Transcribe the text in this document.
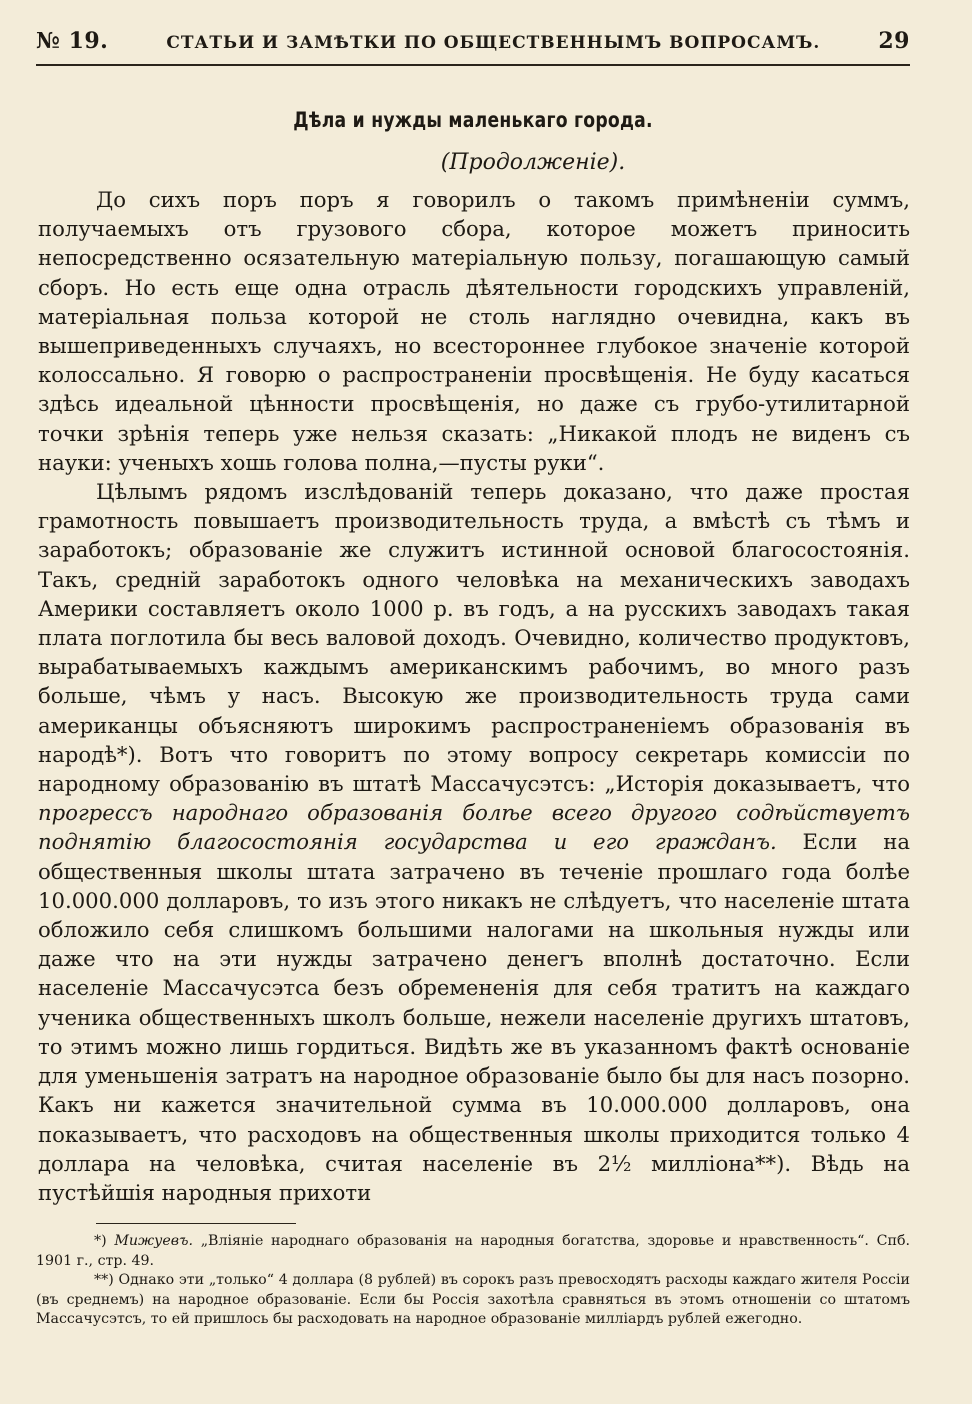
№ 19.	СТАТЬИ И ЗАМѢТКИ ПО ОБЩЕСТВЕННЫМЪ ВОПРОСАМЪ.	29
Дѣла и нужды маленькаго города.
(Продолженіе).

До сихъ поръ поръ я говорилъ о такомъ примѣненіи суммъ, получаемыхъ отъ грузового сбора, которое можетъ приносить непосредственно осязательную матеріальную пользу, погашающую самый сборъ. Но есть еще одна отрасль дѣятельности городскихъ управленій, матеріальная польза которой не столь наглядно очевидна, какъ въ вышеприведенныхъ случаяхъ, но всестороннее глубокое значеніе которой колоссально. Я говорю о распространеніи просвѣщенія. Не буду касаться здѣсь идеальной цѣнности просвѣщенія, но даже съ грубо-утилитарной точки зрѣнія теперь уже нельзя сказать: „Никакой плодъ не виденъ съ науки: ученыхъ хошь голова полна,—пусты руки“.

Цѣлымъ рядомъ изслѣдованій теперь доказано, что даже простая грамотность повышаетъ производительность труда, а вмѣстѣ съ тѣмъ и заработокъ; образованіе же служитъ истинной основой благосостоянія. Такъ, средній заработокъ одного человѣка на механическихъ заводахъ Америки составляетъ около 1000 р. въ годъ, а на русскихъ заводахъ такая плата поглотила бы весь валовой доходъ. Очевидно, количество продуктовъ, вырабатываемыхъ каждымъ американскимъ рабочимъ, во много разъ больше, чѣмъ у насъ. Высокую же производительность труда сами американцы объясняютъ широкимъ распространеніемъ образованія въ народѣ*). Вотъ что говоритъ по этому вопросу секретарь комиссіи по народному образованію въ штатѣ Массачусэтсъ: „Исторія доказываетъ, что прогрессъ народнаго образованія болѣе всего другого содѣйствуетъ поднятію благосостоянія государства и его гражданъ. Если на общественныя школы штата затрачено въ теченіе прошлаго года болѣе 10.000.000 долларовъ, то изъ этого никакъ не слѣдуетъ, что населеніе штата обложило себя слишкомъ большими налогами на школьныя нужды или даже что на эти нужды затрачено денегъ вполнѣ достаточно. Если населеніе Массачусэтса безъ обремененія для себя тратитъ на каждаго ученика общественныхъ школъ больше, нежели населеніе другихъ штатовъ, то этимъ можно лишь гордиться. Видѣть же въ указанномъ фактѣ основаніе для уменьшенія затратъ на народное образованіе было бы для насъ позорно. Какъ ни кажется значительной сумма въ 10.000.000 долларовъ, она показываетъ, что расходовъ на общественныя школы приходится только 4 доллара на человѣка, считая населеніе въ 2½ милліона**). Вѣдь на пустѣйшія народныя прихоти

*) Мижуевъ. „Вліяніе народнаго образованія на народныя богатства, здоровье и нравственность“. Спб. 1901 г., стр. 49.

**) Однако эти „только“ 4 доллара (8 рублей) въ сорокъ разъ превосходятъ расходы каждаго жителя Россіи (въ среднемъ) на народное образованіе. Если бы Россія захотѣла сравняться въ этомъ отношеніи со штатомъ Массачусэтсъ, то ей пришлось бы расходовать на народное образованіе милліардъ рублей ежегодно.
